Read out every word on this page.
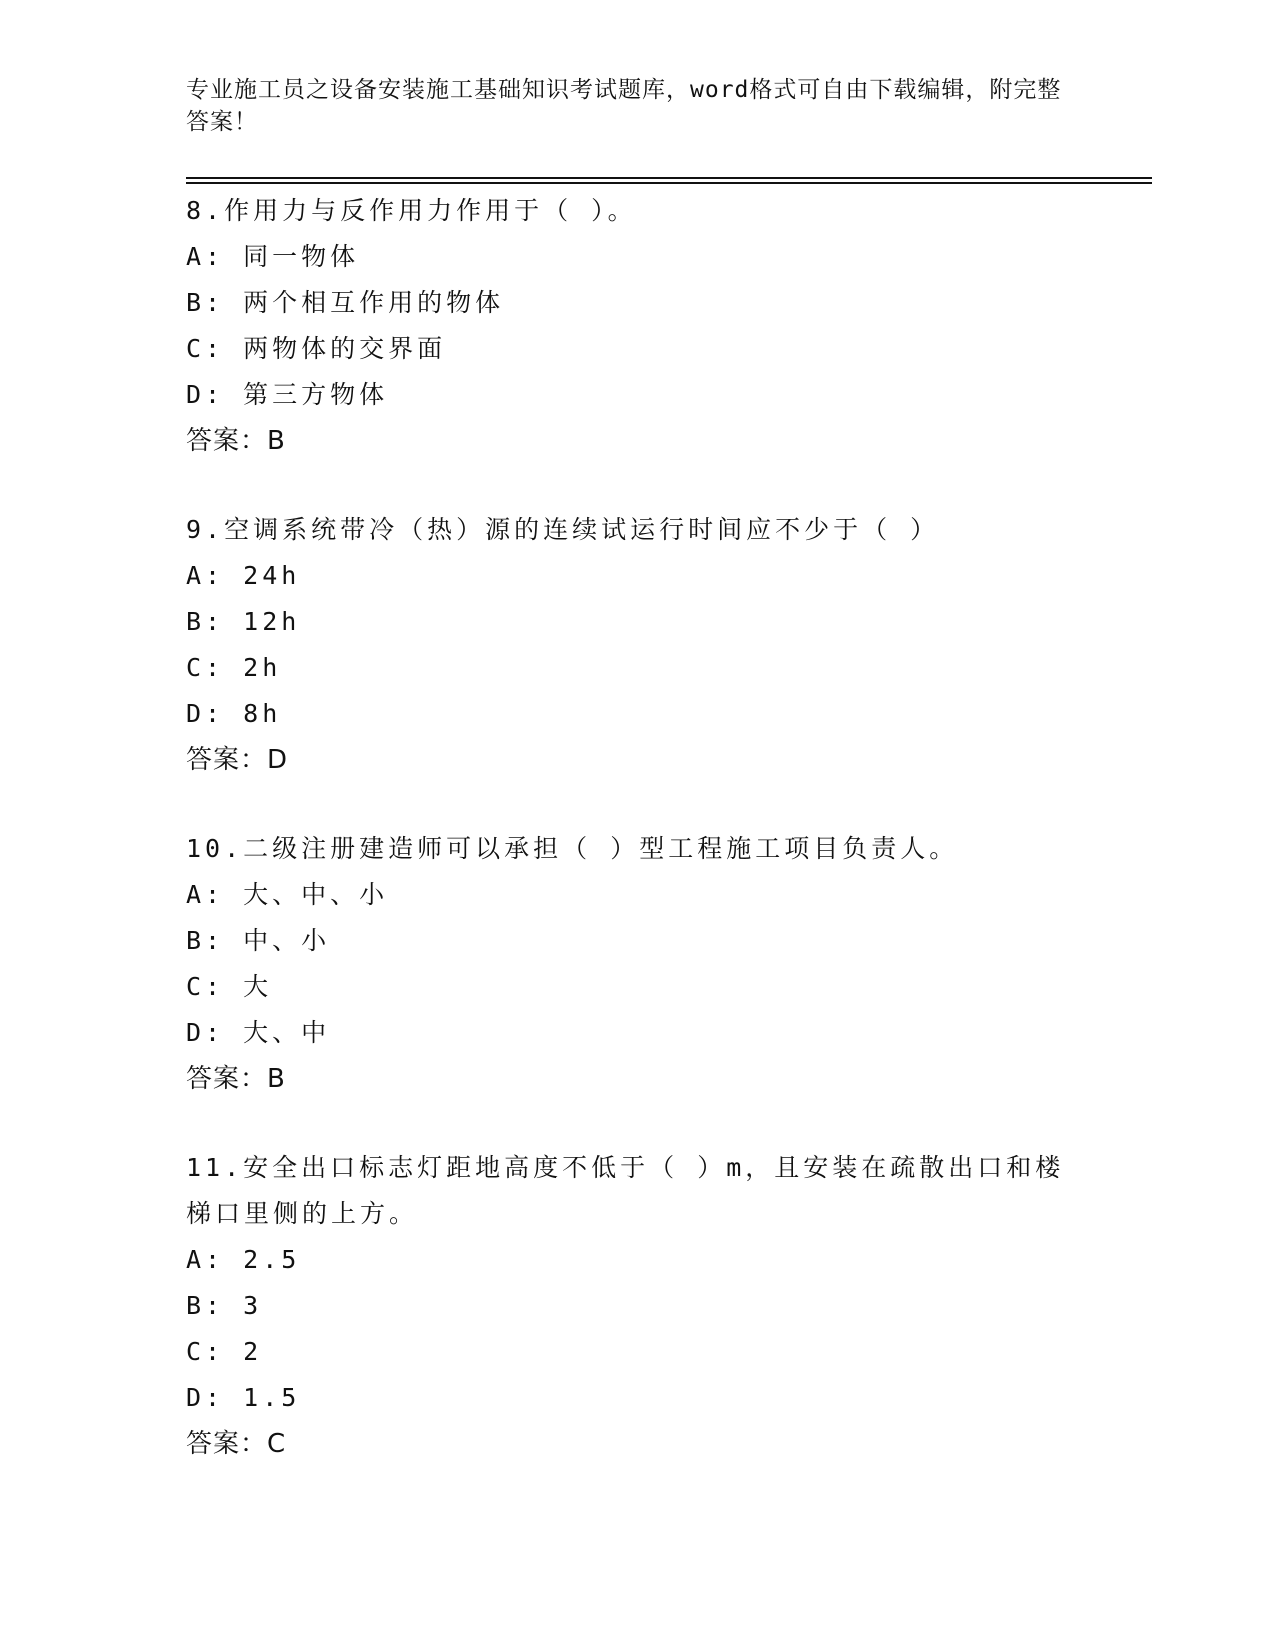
专业施工员之设备安装施工基础知识考试题库，word格式可自由下载编辑，附完整答案！
8.作用力与反作用力作用于（ ）。
A: 同一物体
B: 两个相互作用的物体
C: 两物体的交界面
D: 第三方物体
答案：B
9.空调系统带冷（热）源的连续试运行时间应不少于（ ）
A: 24h
B: 12h
C: 2h
D: 8h
答案：D
10.二级注册建造师可以承担（ ）型工程施工项目负责人。
A: 大、中、小
B: 中、小
C: 大
D: 大、中
答案：B
11.安全出口标志灯距地高度不低于（ ）m，且安装在疏散出口和楼梯口里侧的上方。
A: 2.5
B: 3
C: 2
D: 1.5
答案：C
